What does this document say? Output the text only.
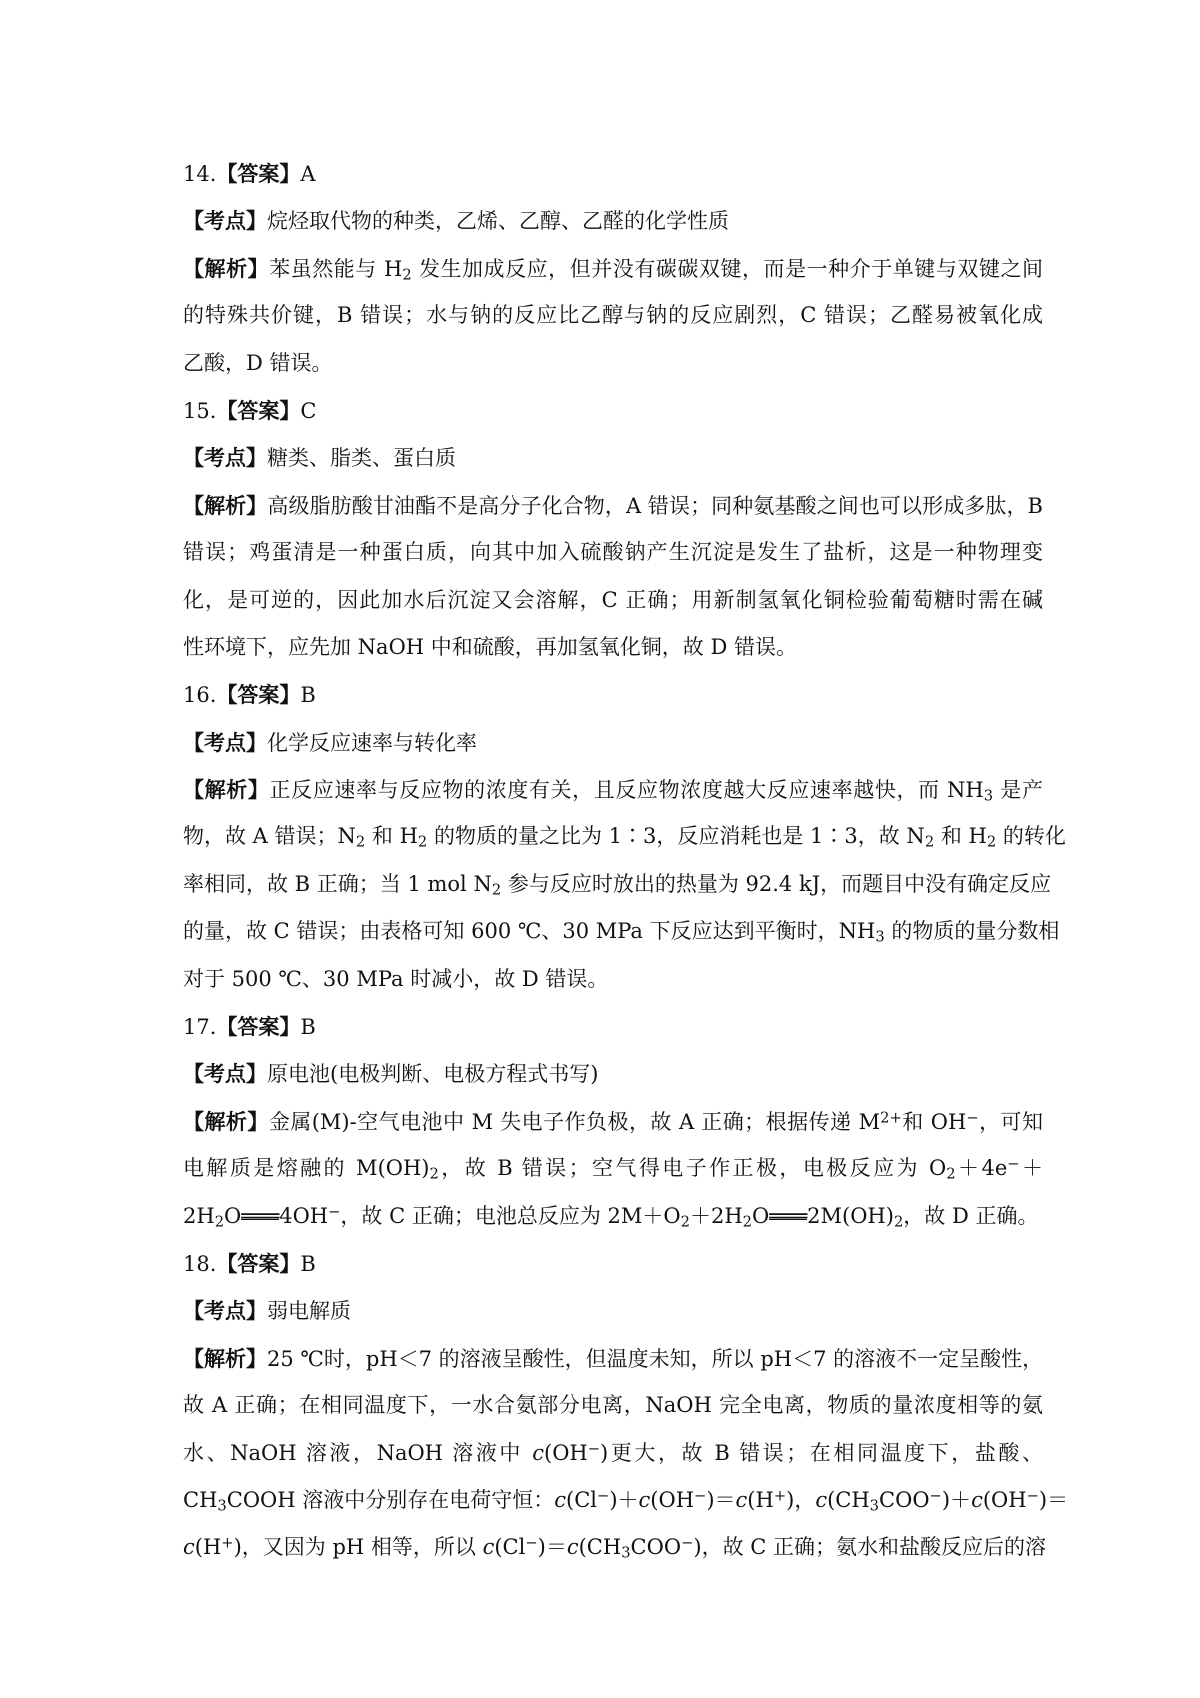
14.【答案】A
【考点】烷烃取代物的种类，乙烯、乙醇、乙醛的化学性质
【解析】苯虽然能与 $H_2$ 发生加成反应，但并没有碳碳双键，而是一种介于单键与双键之间
的特殊共价键，B 错误；水与钠的反应比乙醇与钠的反应剧烈，C 错误；乙醛易被氧化成
乙酸，D 错误。
15.【答案】C
【考点】糖类、脂类、蛋白质
【解析】高级脂肪酸甘油酯不是高分子化合物，A 错误；同种氨基酸之间也可以形成多肽，B
错误；鸡蛋清是一种蛋白质，向其中加入硫酸钠产生沉淀是发生了盐析，这是一种物理变
化，是可逆的，因此加水后沉淀又会溶解，C 正确；用新制氢氧化铜检验葡萄糖时需在碱
性环境下，应先加 NaOH 中和硫酸，再加氢氧化铜，故 D 错误。
16.【答案】B
【考点】化学反应速率与转化率
【解析】正反应速率与反应物的浓度有关，且反应物浓度越大反应速率越快，而 $NH_3$ 是产
物，故 A 错误；$N_2$ 和 $H_2$ 的物质的量之比为 1∶3，反应消耗也是 1∶3，故 $N_2$ 和 $H_2$ 的转化
率相同，故 B 正确；当 1 mol $N_2$ 参与反应时放出的热量为 92.4 kJ，而题目中没有确定反应
的量，故 C 错误；由表格可知 600 ℃、30 MPa 下反应达到平衡时，$NH_3$ 的物质的量分数相
对于 500 ℃、30 MPa 时减小，故 D 错误。
17.【答案】B
【考点】原电池(电极判断、电极方程式书写)
【解析】金属(M)-空气电池中 M 失电子作负极，故 A 正确；根据传递 $M^{2+}$和 OH−，可知
电解质是熔融的 $M(OH)_2$，故 B 错误；空气得电子作正极，电极反应为 $O_2+4e^-+$
$2H_2O═══4OH^-$，故 C 正确；电池总反应为 $2M+O_2+2H_2O═══2M(OH)_2$，故 D 正确。
18.【答案】B
【考点】弱电解质
【解析】25 ℃时，pH＜7 的溶液呈酸性，但温度未知，所以 pH＜7 的溶液不一定呈酸性，
故 A 正确；在相同温度下，一水合氨部分电离，NaOH 完全电离，物质的量浓度相等的氨
水、NaOH 溶液，NaOH 溶液中 c(OH−)更大，故 B 错误；在相同温度下，盐酸、
$CH_3COOH$ 溶液中分别存在电荷守恒：c(Cl−)＋c(OH−)＝c(H+)，$c(CH_3COO^-)+c(OH^-)=$
c(H+)，又因为 pH 相等，所以 $c(Cl^-)=c(CH_3COO^-)$，故 C 正确；氨水和盐酸反应后的溶
